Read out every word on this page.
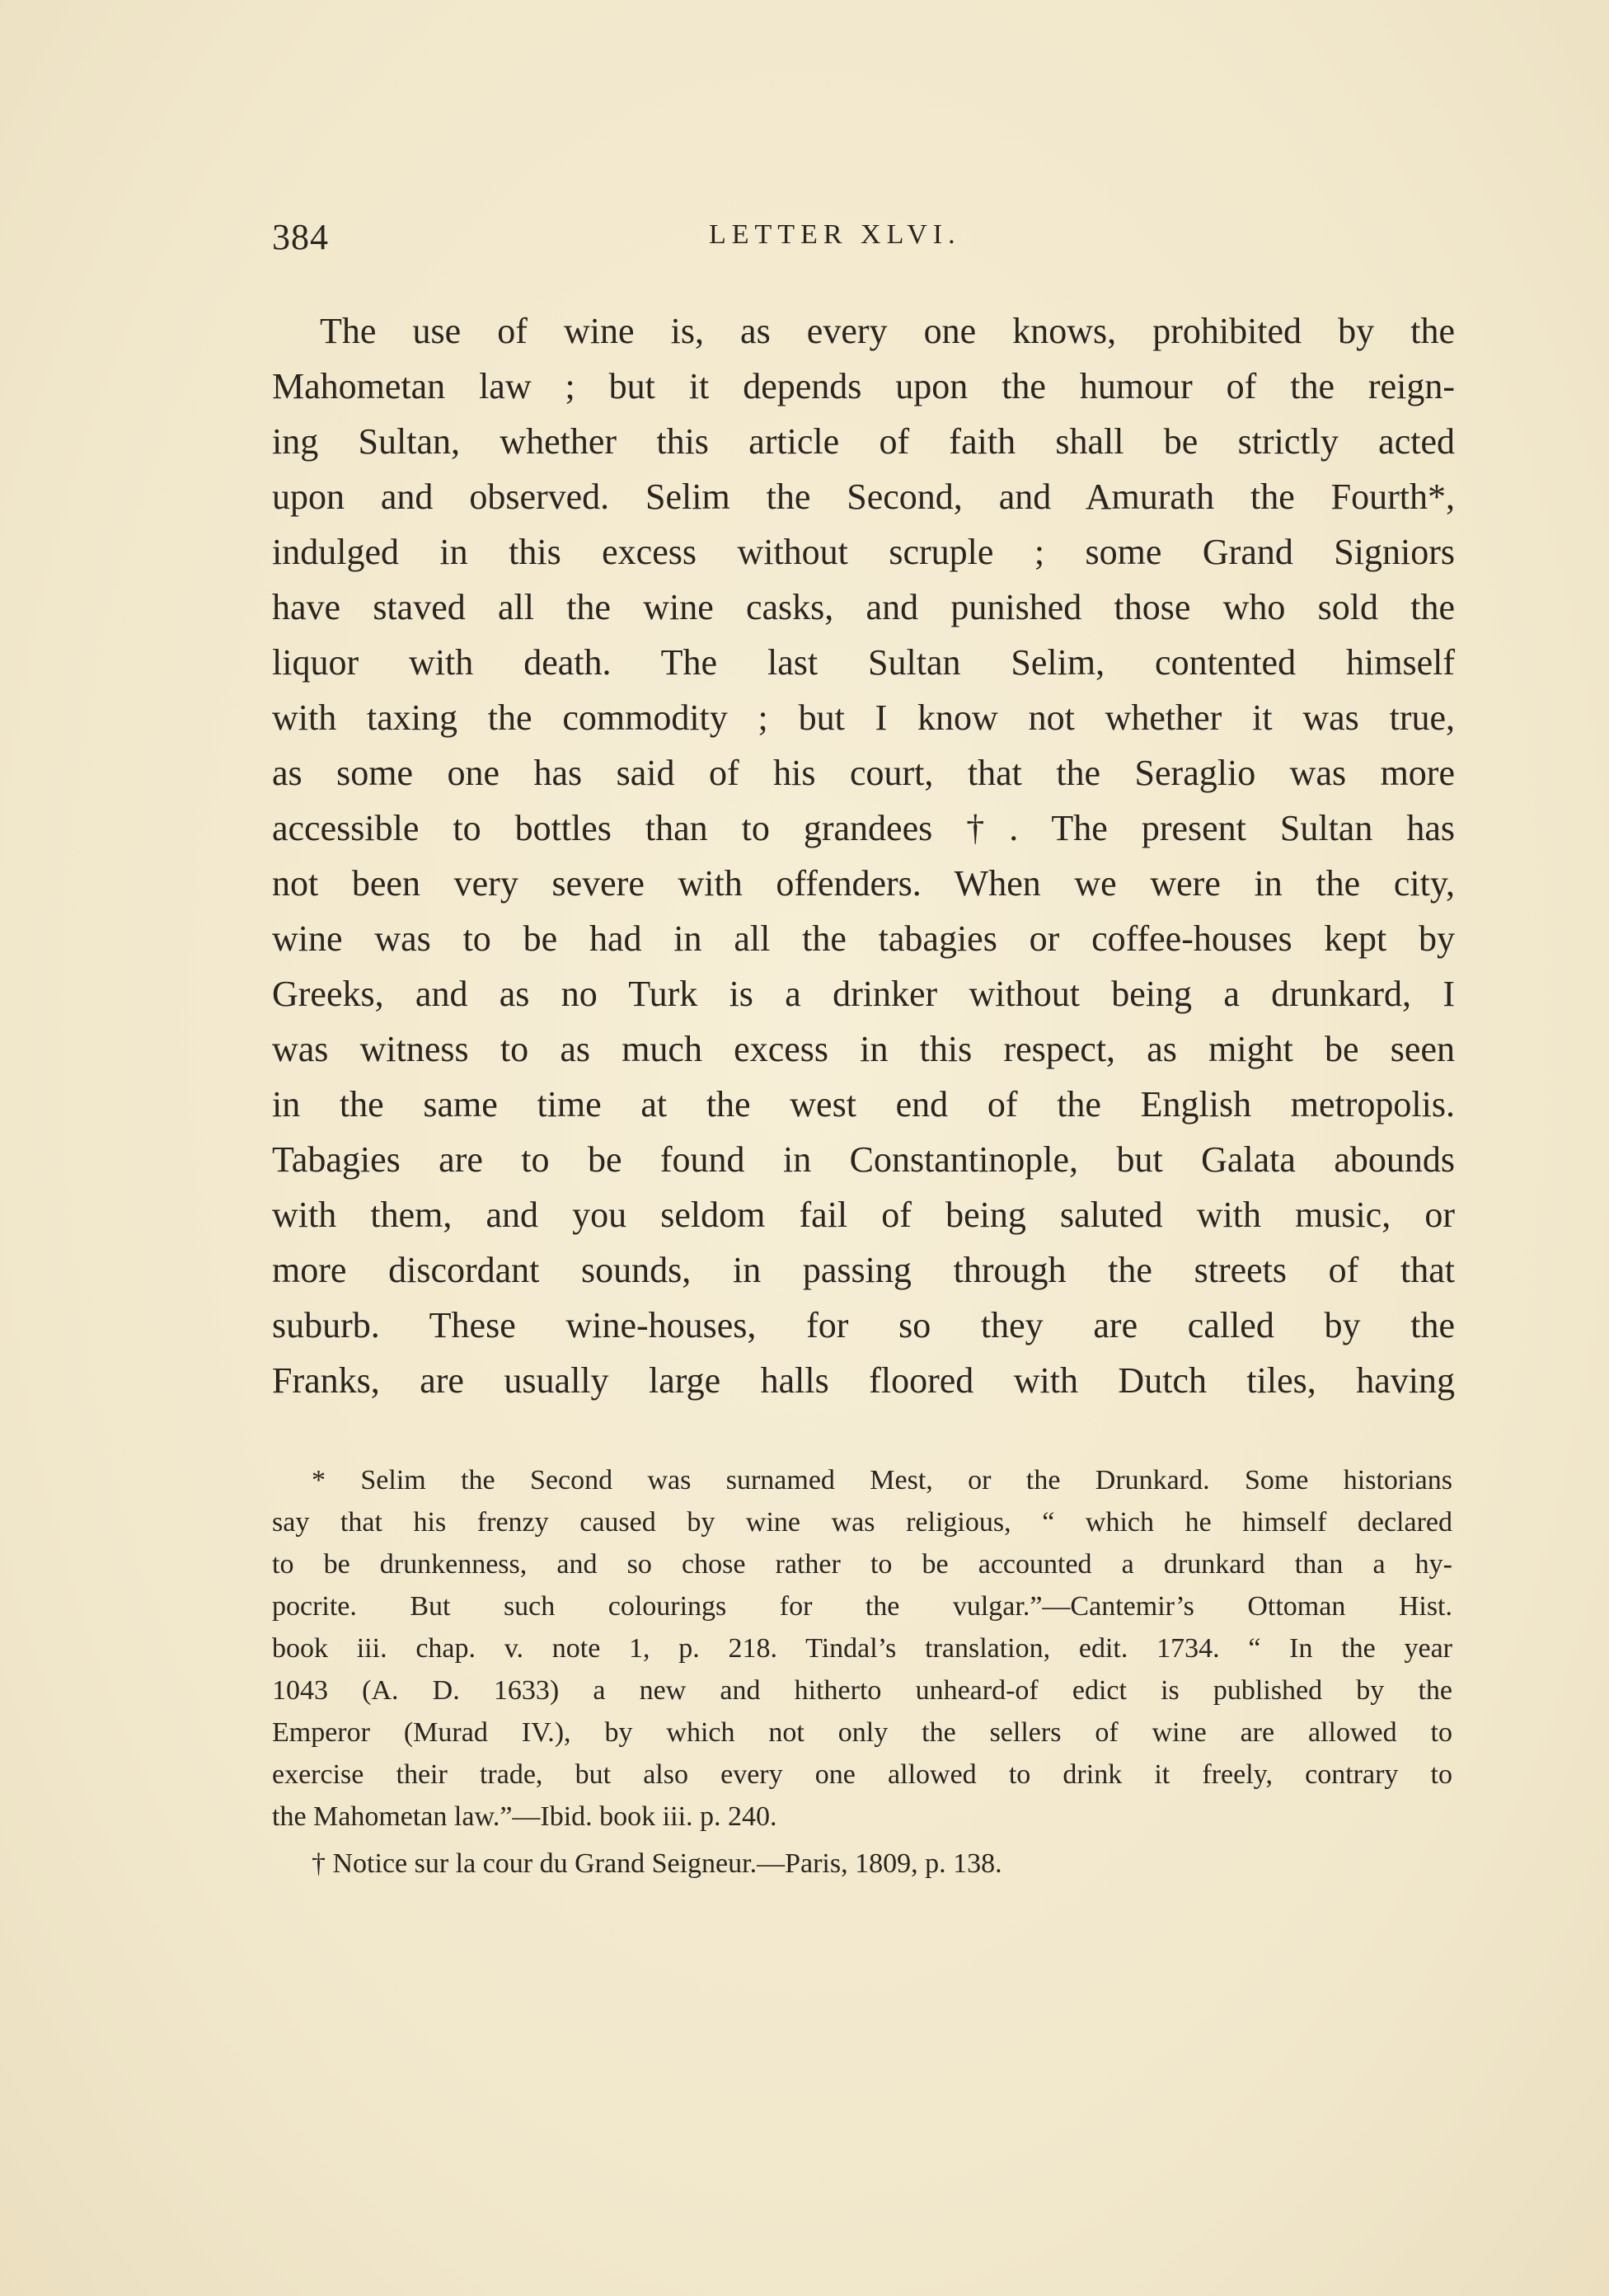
384	LETTER XLVI.
The use of wine is, as every one knows, prohibited by the
Mahometan law ; but it depends upon the humour of the reign-
ing Sultan, whether this article of faith shall be strictly acted
upon and observed. Selim the Second, and Amurath the Fourth*,
indulged in this excess without scruple ; some Grand Signiors
have staved all the wine casks, and punished those who sold the
liquor with death. The last Sultan Selim, contented himself
with taxing the commodity ; but I know not whether it was true,
as some one has said of his court, that the Seraglio was more
accessible to bottles than to grandees †. The present Sultan has
not been very severe with offenders. When we were in the city,
wine was to be had in all the tabagies or coffee-houses kept by
Greeks, and as no Turk is a drinker without being a drunkard, I
was witness to as much excess in this respect, as might be seen
in the same time at the west end of the English metropolis.
Tabagies are to be found in Constantinople, but Galata abounds
with them, and you seldom fail of being saluted with music, or
more discordant sounds, in passing through the streets of that
suburb. These wine-houses, for so they are called by the
Franks, are usually large halls floored with Dutch tiles, having
* Selim the Second was surnamed Mest, or the Drunkard. Some historians
say that his frenzy caused by wine was religious, “ which he himself declared
to be drunkenness, and so chose rather to be accounted a drunkard than a hy-
pocrite. But such colourings for the vulgar.”—Cantemir’s Ottoman Hist.
book iii. chap. v. note 1, p. 218. Tindal’s translation, edit. 1734. “ In the year
1043 (A. D. 1633) a new and hitherto unheard-of edict is published by the
Emperor (Murad IV.), by which not only the sellers of wine are allowed to
exercise their trade, but also every one allowed to drink it freely, contrary to
the Mahometan law.”—Ibid. book iii. p. 240.
† Notice sur la cour du Grand Seigneur.—Paris, 1809, p. 138.
